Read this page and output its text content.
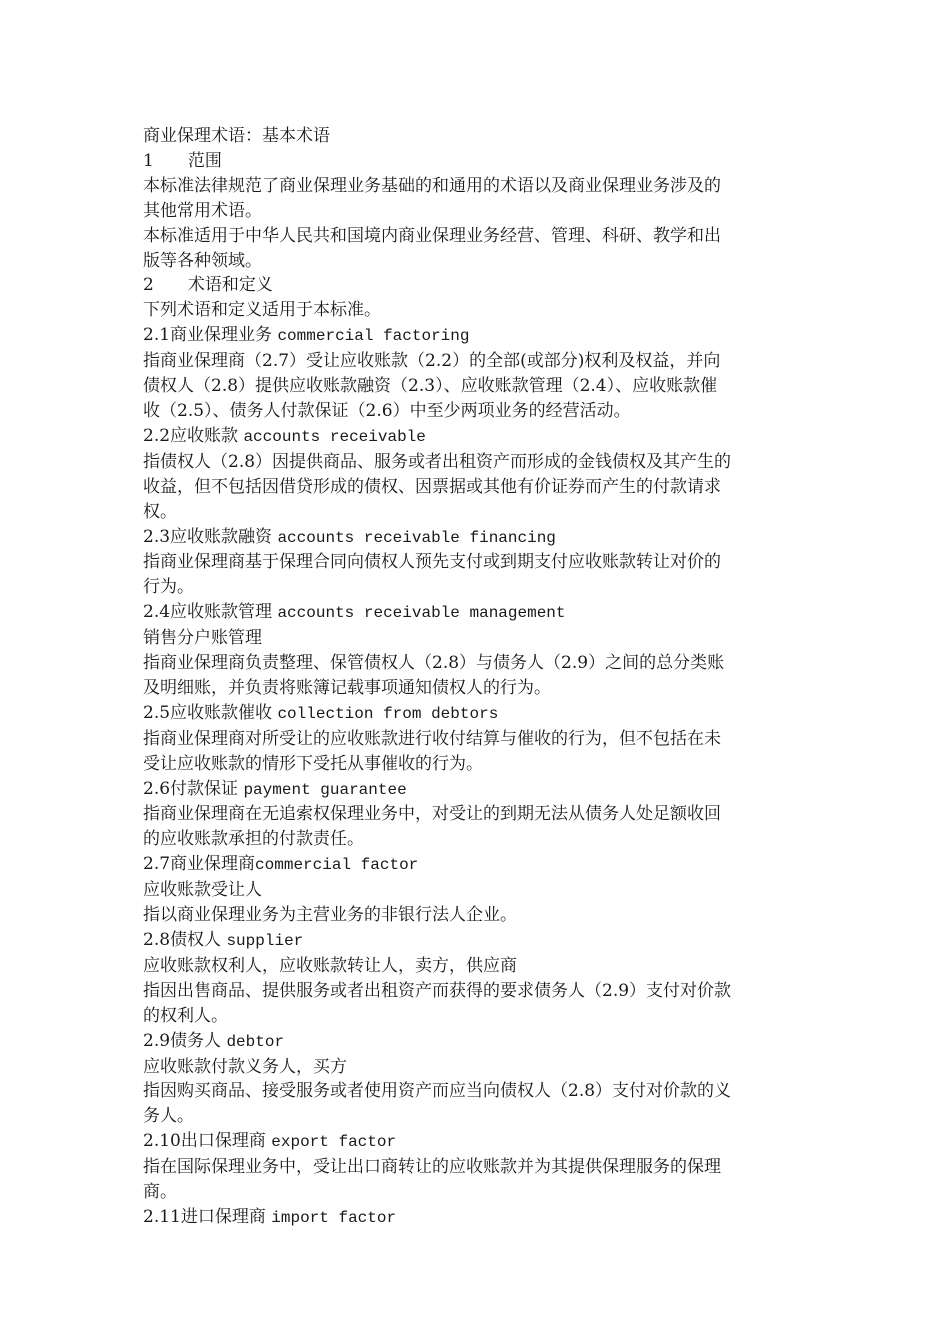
商业保理术语：基本术语
1 范围
本标准法律规范了商业保理业务基础的和通用的术语以及商业保理业务涉及的
其他常用术语。
本标准适用于中华人民共和国境内商业保理业务经营、管理、科研、教学和出
版等各种领域。
2 术语和定义
下列术语和定义适用于本标准。
2.1商业保理业务 commercial factoring
指商业保理商（2.7）受让应收账款（2.2）的全部(或部分)权利及权益，并向
债权人（2.8）提供应收账款融资（2.3）、应收账款管理（2.4）、应收账款催
收（2.5）、债务人付款保证（2.6）中至少两项业务的经营活动。
2.2应收账款 accounts receivable
指债权人（2.8）因提供商品、服务或者出租资产而形成的金钱债权及其产生的
收益，但不包括因借贷形成的债权、因票据或其他有价证券而产生的付款请求
权。
2.3应收账款融资 accounts receivable financing
指商业保理商基于保理合同向债权人预先支付或到期支付应收账款转让对价的
行为。
2.4应收账款管理 accounts receivable management
销售分户账管理
指商业保理商负责整理、保管债权人（2.8）与债务人（2.9）之间的总分类账
及明细账，并负责将账簿记载事项通知债权人的行为。
2.5应收账款催收 collection from debtors
指商业保理商对所受让的应收账款进行收付结算与催收的行为，但不包括在未
受让应收账款的情形下受托从事催收的行为。
2.6付款保证 payment guarantee
指商业保理商在无追索权保理业务中，对受让的到期无法从债务人处足额收回
的应收账款承担的付款责任。
2.7商业保理商commercial factor
应收账款受让人
指以商业保理业务为主营业务的非银行法人企业。
2.8债权人 supplier
应收账款权利人，应收账款转让人，卖方，供应商
指因出售商品、提供服务或者出租资产而获得的要求债务人（2.9）支付对价款
的权利人。
2.9债务人 debtor
应收账款付款义务人，买方
指因购买商品、接受服务或者使用资产而应当向债权人（2.8）支付对价款的义
务人。
2.10出口保理商 export factor
指在国际保理业务中，受让出口商转让的应收账款并为其提供保理服务的保理
商。
2.11进口保理商 import factor
